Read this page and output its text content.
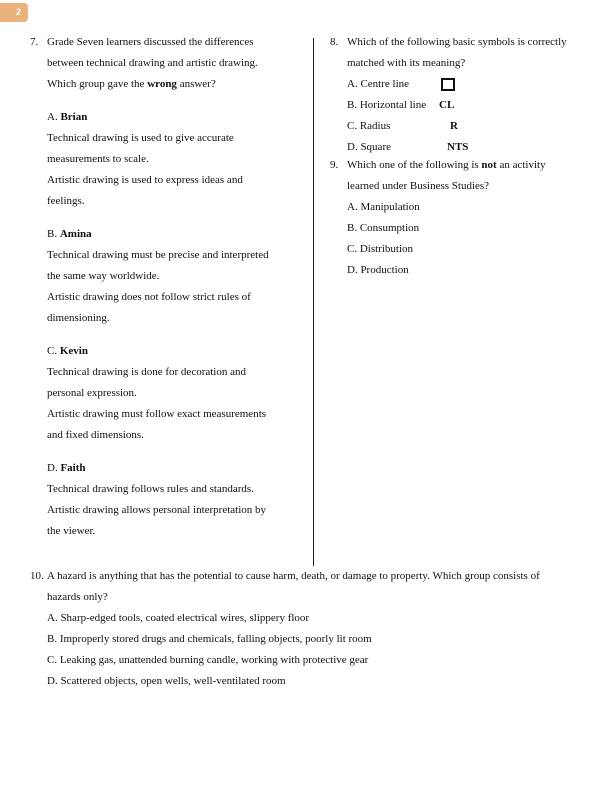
2
7. Grade Seven learners discussed the differences
between technical drawing and artistic drawing.
Which group gave the wrong answer?
A. Brian
Technical drawing is used to give accurate
measurements to scale.
Artistic drawing is used to express ideas and
feelings.
B. Amina
Technical drawing must be precise and interpreted
the same way worldwide.
Artistic drawing does not follow strict rules of
dimensioning.
C. Kevin
Technical drawing is done for decoration and
personal expression.
Artistic drawing must follow exact measurements
and fixed dimensions.
D. Faith
Technical drawing follows rules and standards.
Artistic drawing allows personal interpretation by
the viewer.
8. Which of the following basic symbols is correctly
matched with its meaning?
A. Centre line
B. Horizontal line CL
C. Radius	R
D. Square	NTS
9. Which one of the following is not an activity
learned under Business Studies?
A. Manipulation
B. Consumption
C. Distribution
D. Production
10. A hazard is anything that has the potential to cause harm, death, or damage to property. Which group consists of
hazards only?
A. Sharp-edged tools, coated electrical wires, slippery floor
B. Improperly stored drugs and chemicals, falling objects, poorly lit room
C. Leaking gas, unattended burning candle, working with protective gear
D. Scattered objects, open wells, well-ventilated room
